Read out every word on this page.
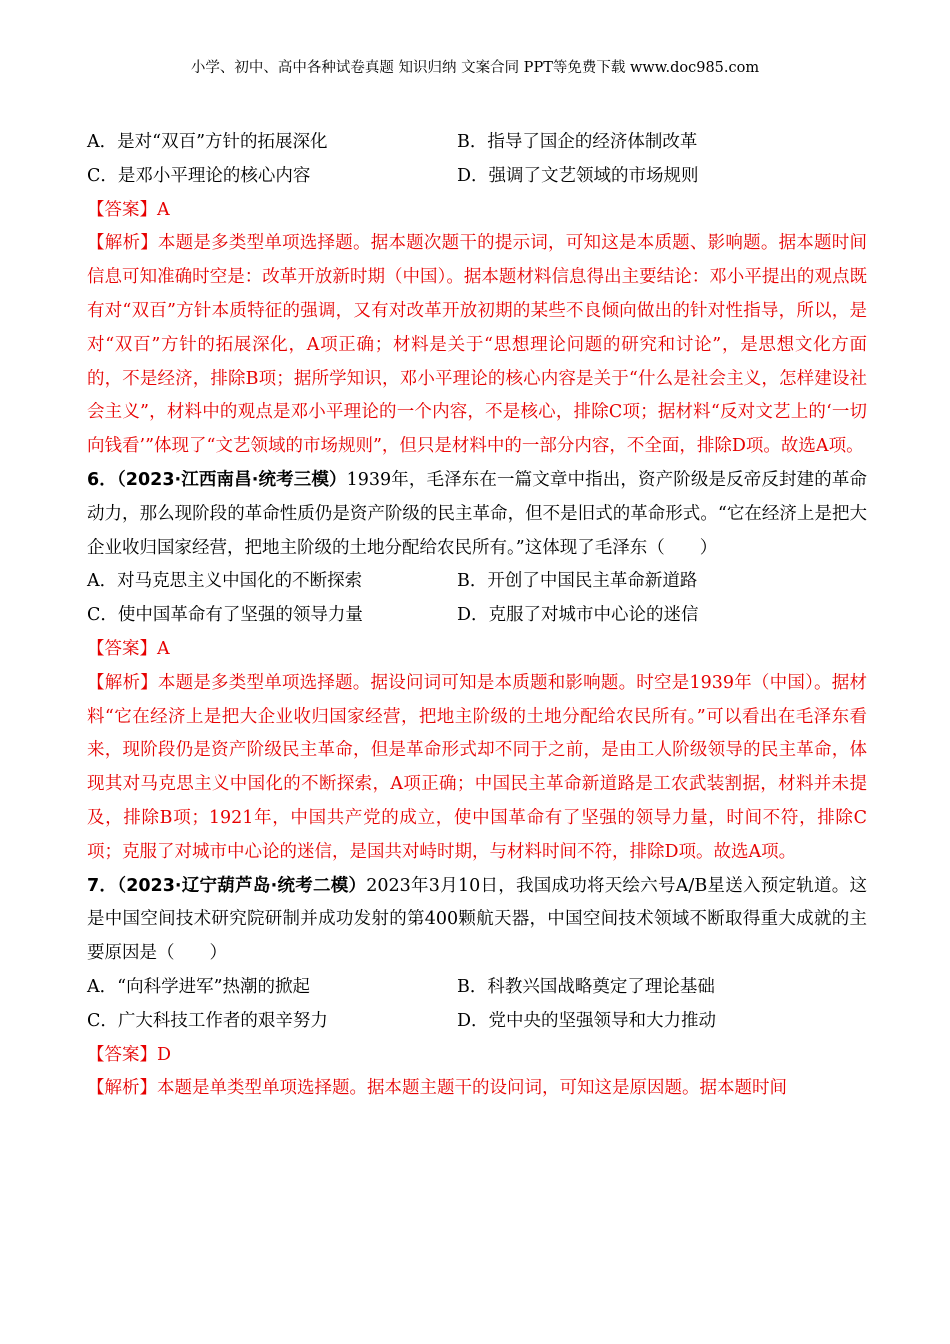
小学、初中、高中各种试卷真题 知识归纳 文案合同 PPT等免费下载 www.doc985.com
A．是对“双百”方针的拓展深化	B．指导了国企的经济体制改革
C．是邓小平理论的核心内容	D．强调了文艺领域的市场规则

【答案】A

【解析】本题是多类型单项选择题。据本题次题干的提示词，可知这是本质题、影响题。据本题时间信息可知准确时空是：改革开放新时期（中国）。据本题材料信息得出主要结论：邓小平提出的观点既有对“双百”方针本质特征的强调，又有对改革开放初期的某些不良倾向做出的针对性指导，所以，是对“双百”方针的拓展深化，A项正确；材料是关于“思想理论问题的研究和讨论”，是思想文化方面的，不是经济，排除B项；据所学知识，邓小平理论的核心内容是关于“什么是社会主义，怎样建设社会主义”，材料中的观点是邓小平理论的一个内容，不是核心，排除C项；据材料“反对文艺上的‘一切向钱看’”体现了“文艺领域的市场规则”，但只是材料中的一部分内容，不全面，排除D项。故选A项。

6．（2023·江西南昌·统考三模）1939年，毛泽东在一篇文章中指出，资产阶级是反帝反封建的革命动力，那么现阶段的革命性质仍是资产阶级的民主革命，但不是旧式的革命形式。“它在经济上是把大企业收归国家经营，把地主阶级的土地分配给农民所有。”这体现了毛泽东（　　）

A．对马克思主义中国化的不断探索	B．开创了中国民主革命新道路
C．使中国革命有了坚强的领导力量	D．克服了对城市中心论的迷信

【答案】A

【解析】本题是多类型单项选择题。据设问词可知是本质题和影响题。时空是1939年（中国）。据材料“它在经济上是把大企业收归国家经营，把地主阶级的土地分配给农民所有。”可以看出在毛泽东看来，现阶段仍是资产阶级民主革命，但是革命形式却不同于之前，是由工人阶级领导的民主革命，体现其对马克思主义中国化的不断探索，A项正确；中国民主革命新道路是工农武装割据，材料并未提及，排除B项；1921年，中国共产党的成立，使中国革命有了坚强的领导力量，时间不符，排除C项；克服了对城市中心论的迷信，是国共对峙时期，与材料时间不符，排除D项。故选A项。

7．（2023·辽宁葫芦岛·统考二模）2023年3月10日，我国成功将天绘六号A/B星送入预定轨道。这是中国空间技术研究院研制并成功发射的第400颗航天器，中国空间技术领域不断取得重大成就的主要原因是（　　）

A．“向科学进军”热潮的掀起	B．科教兴国战略奠定了理论基础
C．广大科技工作者的艰辛努力	D．党中央的坚强领导和大力推动

【答案】D

【解析】本题是单类型单项选择题。据本题主题干的设问词，可知这是原因题。据本题时间
